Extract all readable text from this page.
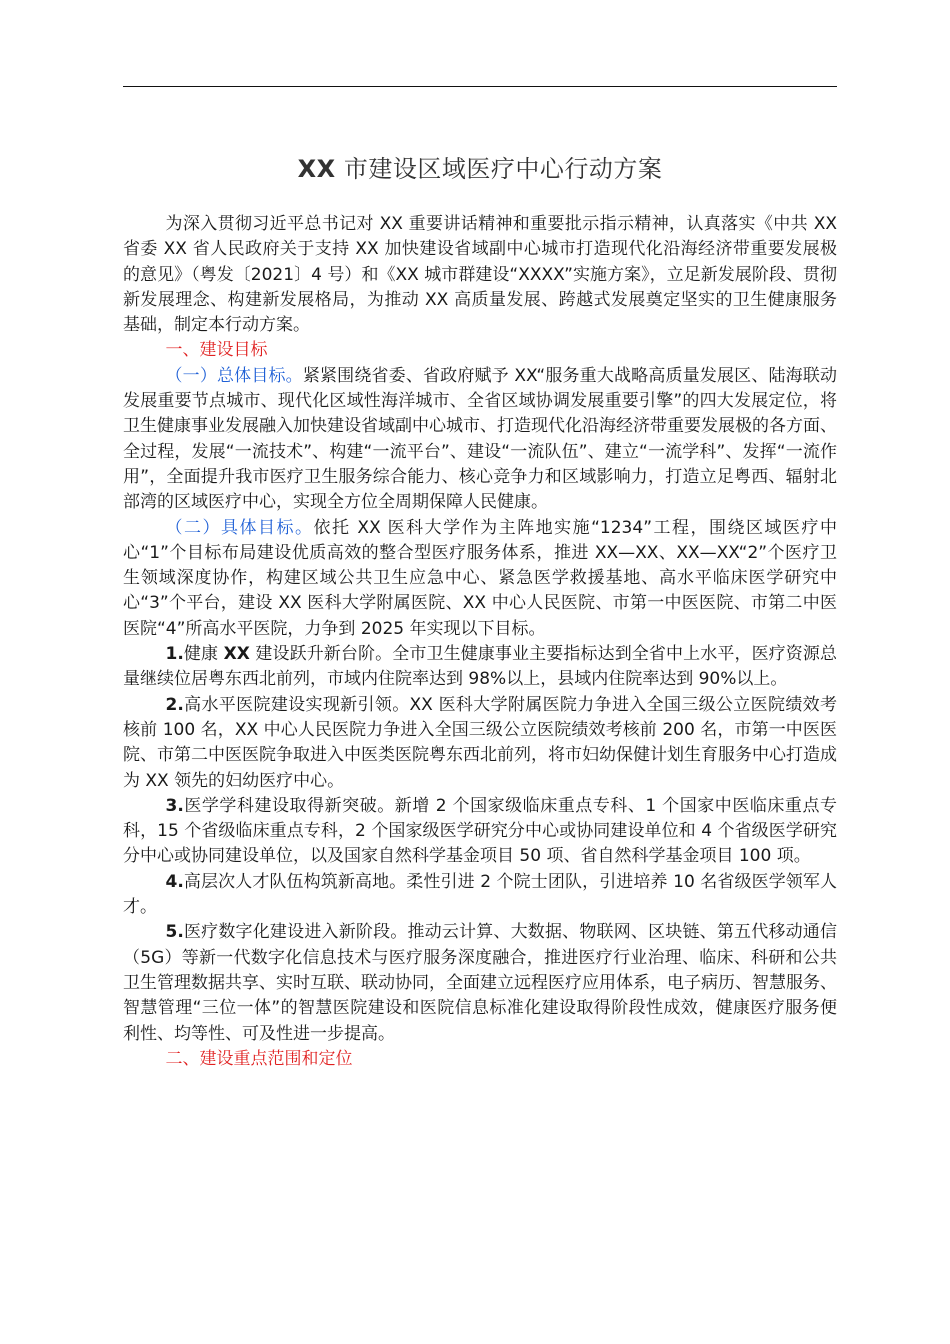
XX 市建设区域医疗中心行动方案

为深入贯彻习近平总书记对 XX 重要讲话精神和重要批示指示精神，认真落实《中共 XX 省委 XX 省人民政府关于支持 XX 加快建设省域副中心城市打造现代化沿海经济带重要发展极的意见》（粤发〔2021〕4 号）和《XX 城市群建设“XXXX”实施方案》，立足新发展阶段、贯彻新发展理念、构建新发展格局，为推动 XX 高质量发展、跨越式发展奠定坚实的卫生健康服务基础，制定本行动方案。

一、建设目标

（一）总体目标。紧紧围绕省委、省政府赋予 XX“服务重大战略高质量发展区、陆海联动发展重要节点城市、现代化区域性海洋城市、全省区域协调发展重要引擎”的四大发展定位，将卫生健康事业发展融入加快建设省域副中心城市、打造现代化沿海经济带重要发展极的各方面、全过程，发展“一流技术”、构建“一流平台”、建设“一流队伍”、建立“一流学科”、发挥“一流作用”，全面提升我市医疗卫生服务综合能力、核心竞争力和区域影响力，打造立足粤西、辐射北部湾的区域医疗中心，实现全方位全周期保障人民健康。

（二）具体目标。依托 XX 医科大学作为主阵地实施“1234”工程，围绕区域医疗中心“1”个目标布局建设优质高效的整合型医疗服务体系，推进 XX—XX、XX—XX“2”个医疗卫生领域深度协作，构建区域公共卫生应急中心、紧急医学救援基地、高水平临床医学研究中心“3”个平台，建设 XX 医科大学附属医院、XX 中心人民医院、市第一中医医院、市第二中医医院“4”所高水平医院，力争到 2025 年实现以下目标。

1.健康 XX 建设跃升新台阶。全市卫生健康事业主要指标达到全省中上水平，医疗资源总量继续位居粤东西北前列，市域内住院率达到 98%以上，县域内住院率达到 90%以上。

2.高水平医院建设实现新引领。XX 医科大学附属医院力争进入全国三级公立医院绩效考核前 100 名，XX 中心人民医院力争进入全国三级公立医院绩效考核前 200 名，市第一中医医院、市第二中医医院争取进入中医类医院粤东西北前列，将市妇幼保健计划生育服务中心打造成为 XX 领先的妇幼医疗中心。

3.医学学科建设取得新突破。新增 2 个国家级临床重点专科、1 个国家中医临床重点专科，15 个省级临床重点专科，2 个国家级医学研究分中心或协同建设单位和 4 个省级医学研究分中心或协同建设单位，以及国家自然科学基金项目 50 项、省自然科学基金项目 100 项。

4.高层次人才队伍构筑新高地。柔性引进 2 个院士团队，引进培养 10 名省级医学领军人才。

5.医疗数字化建设进入新阶段。推动云计算、大数据、物联网、区块链、第五代移动通信（5G）等新一代数字化信息技术与医疗服务深度融合，推进医疗行业治理、临床、科研和公共卫生管理数据共享、实时互联、联动协同，全面建立远程医疗应用体系，电子病历、智慧服务、智慧管理“三位一体”的智慧医院建设和医院信息标准化建设取得阶段性成效，健康医疗服务便利性、均等性、可及性进一步提高。

二、建设重点范围和定位
